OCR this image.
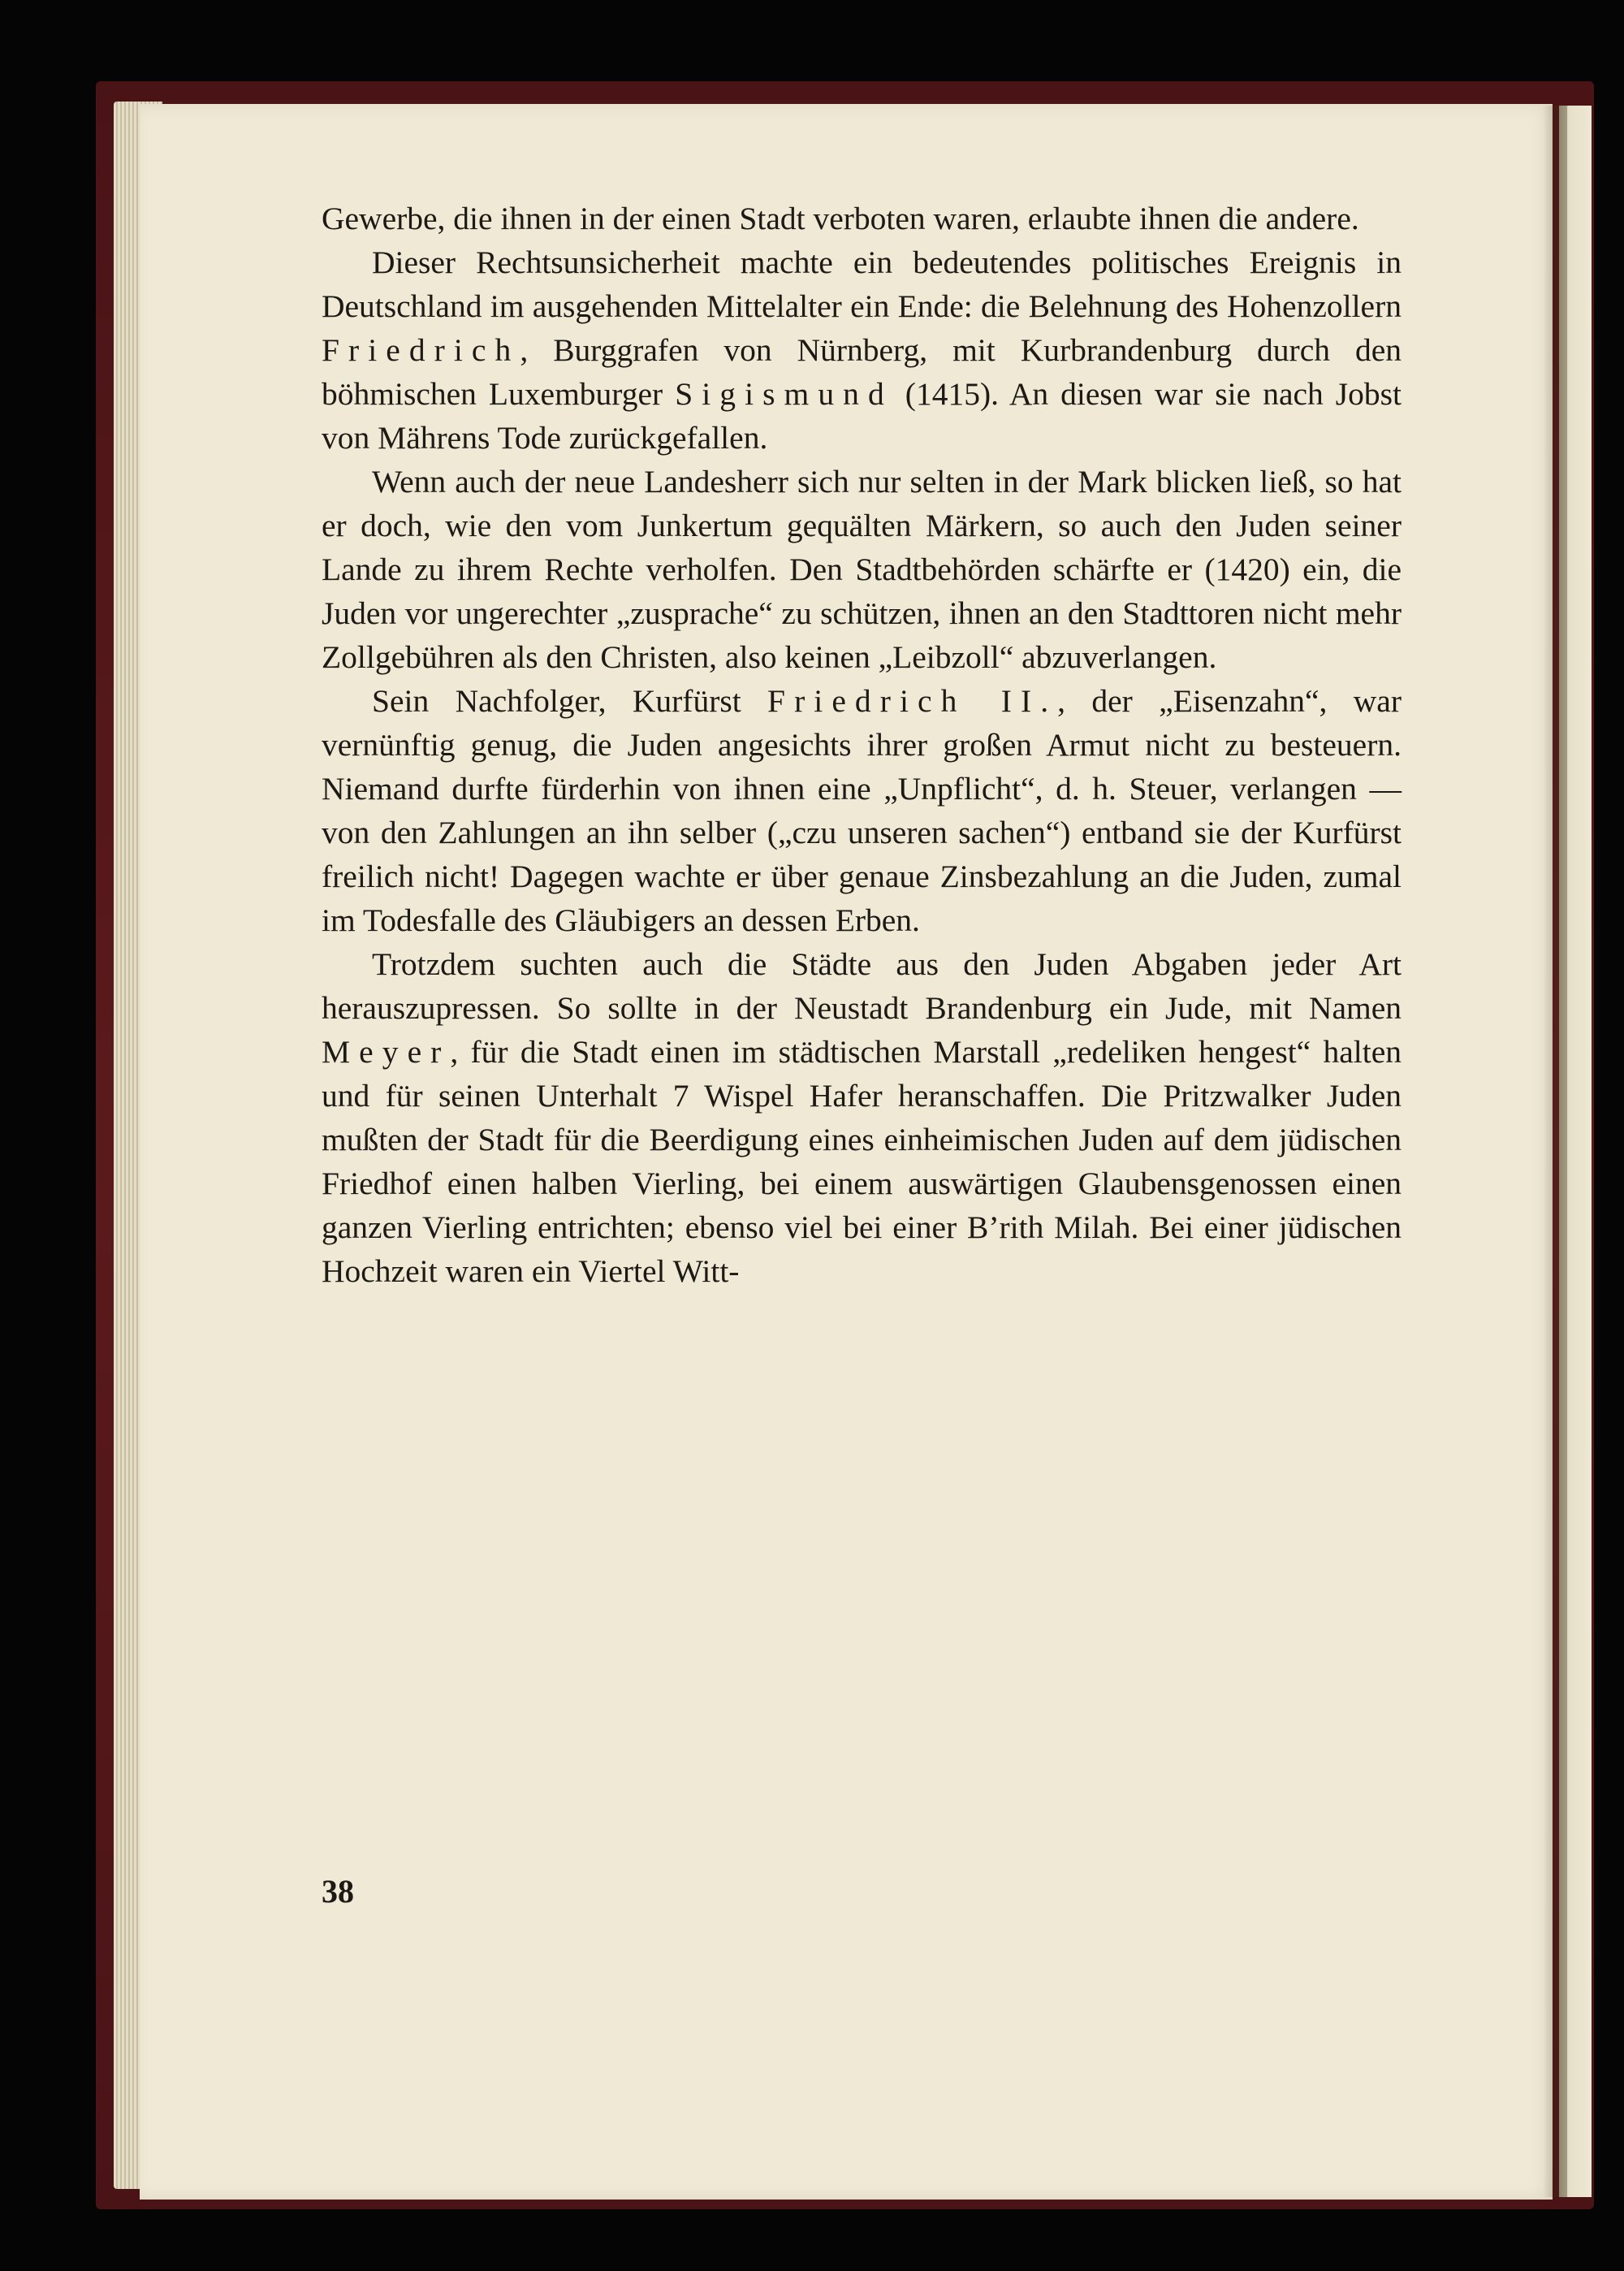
Gewerbe, die ihnen in der einen Stadt verboten waren, erlaubte ihnen die andere.

Dieser Rechtsunsicherheit machte ein bedeutendes politisches Ereignis in Deutschland im ausgehenden Mittelalter ein Ende: die Belehnung des Hohenzollern Friedrich, Burggrafen von Nürnberg, mit Kurbrandenburg durch den böhmischen Luxemburger Sigismund (1415). An diesen war sie nach Jobst von Mährens Tode zurückgefallen.

Wenn auch der neue Landesherr sich nur selten in der Mark blicken ließ, so hat er doch, wie den vom Junkertum gequälten Märkern, so auch den Juden seiner Lande zu ihrem Rechte verholfen. Den Stadtbehörden schärfte er (1420) ein, die Juden vor ungerechter „zusprache“ zu schützen, ihnen an den Stadttoren nicht mehr Zollgebühren als den Christen, also keinen „Leibzoll“ abzuverlangen.

Sein Nachfolger, Kurfürst Friedrich II., der „Eisenzahn“, war vernünftig genug, die Juden angesichts ihrer großen Armut nicht zu besteuern. Niemand durfte fürderhin von ihnen eine „Unpflicht“, d. h. Steuer, verlangen — von den Zahlungen an ihn selber („czu unseren sachen“) entband sie der Kurfürst freilich nicht! Dagegen wachte er über genaue Zinsbezahlung an die Juden, zumal im Todesfalle des Gläubigers an dessen Erben.

Trotzdem suchten auch die Städte aus den Juden Abgaben jeder Art herauszupressen. So sollte in der Neustadt Brandenburg ein Jude, mit Namen Meyer, für die Stadt einen im städtischen Marstall „redeliken hengest“ halten und für seinen Unterhalt 7 Wispel Hafer heranschaffen. Die Pritzwalker Juden mußten der Stadt für die Beerdigung eines einheimischen Juden auf dem jüdischen Friedhof einen halben Vierling, bei einem auswärtigen Glaubensgenossen einen ganzen Vierling entrichten; ebenso viel bei einer B’rith Milah. Bei einer jüdischen Hochzeit waren ein Viertel Witt-

38
